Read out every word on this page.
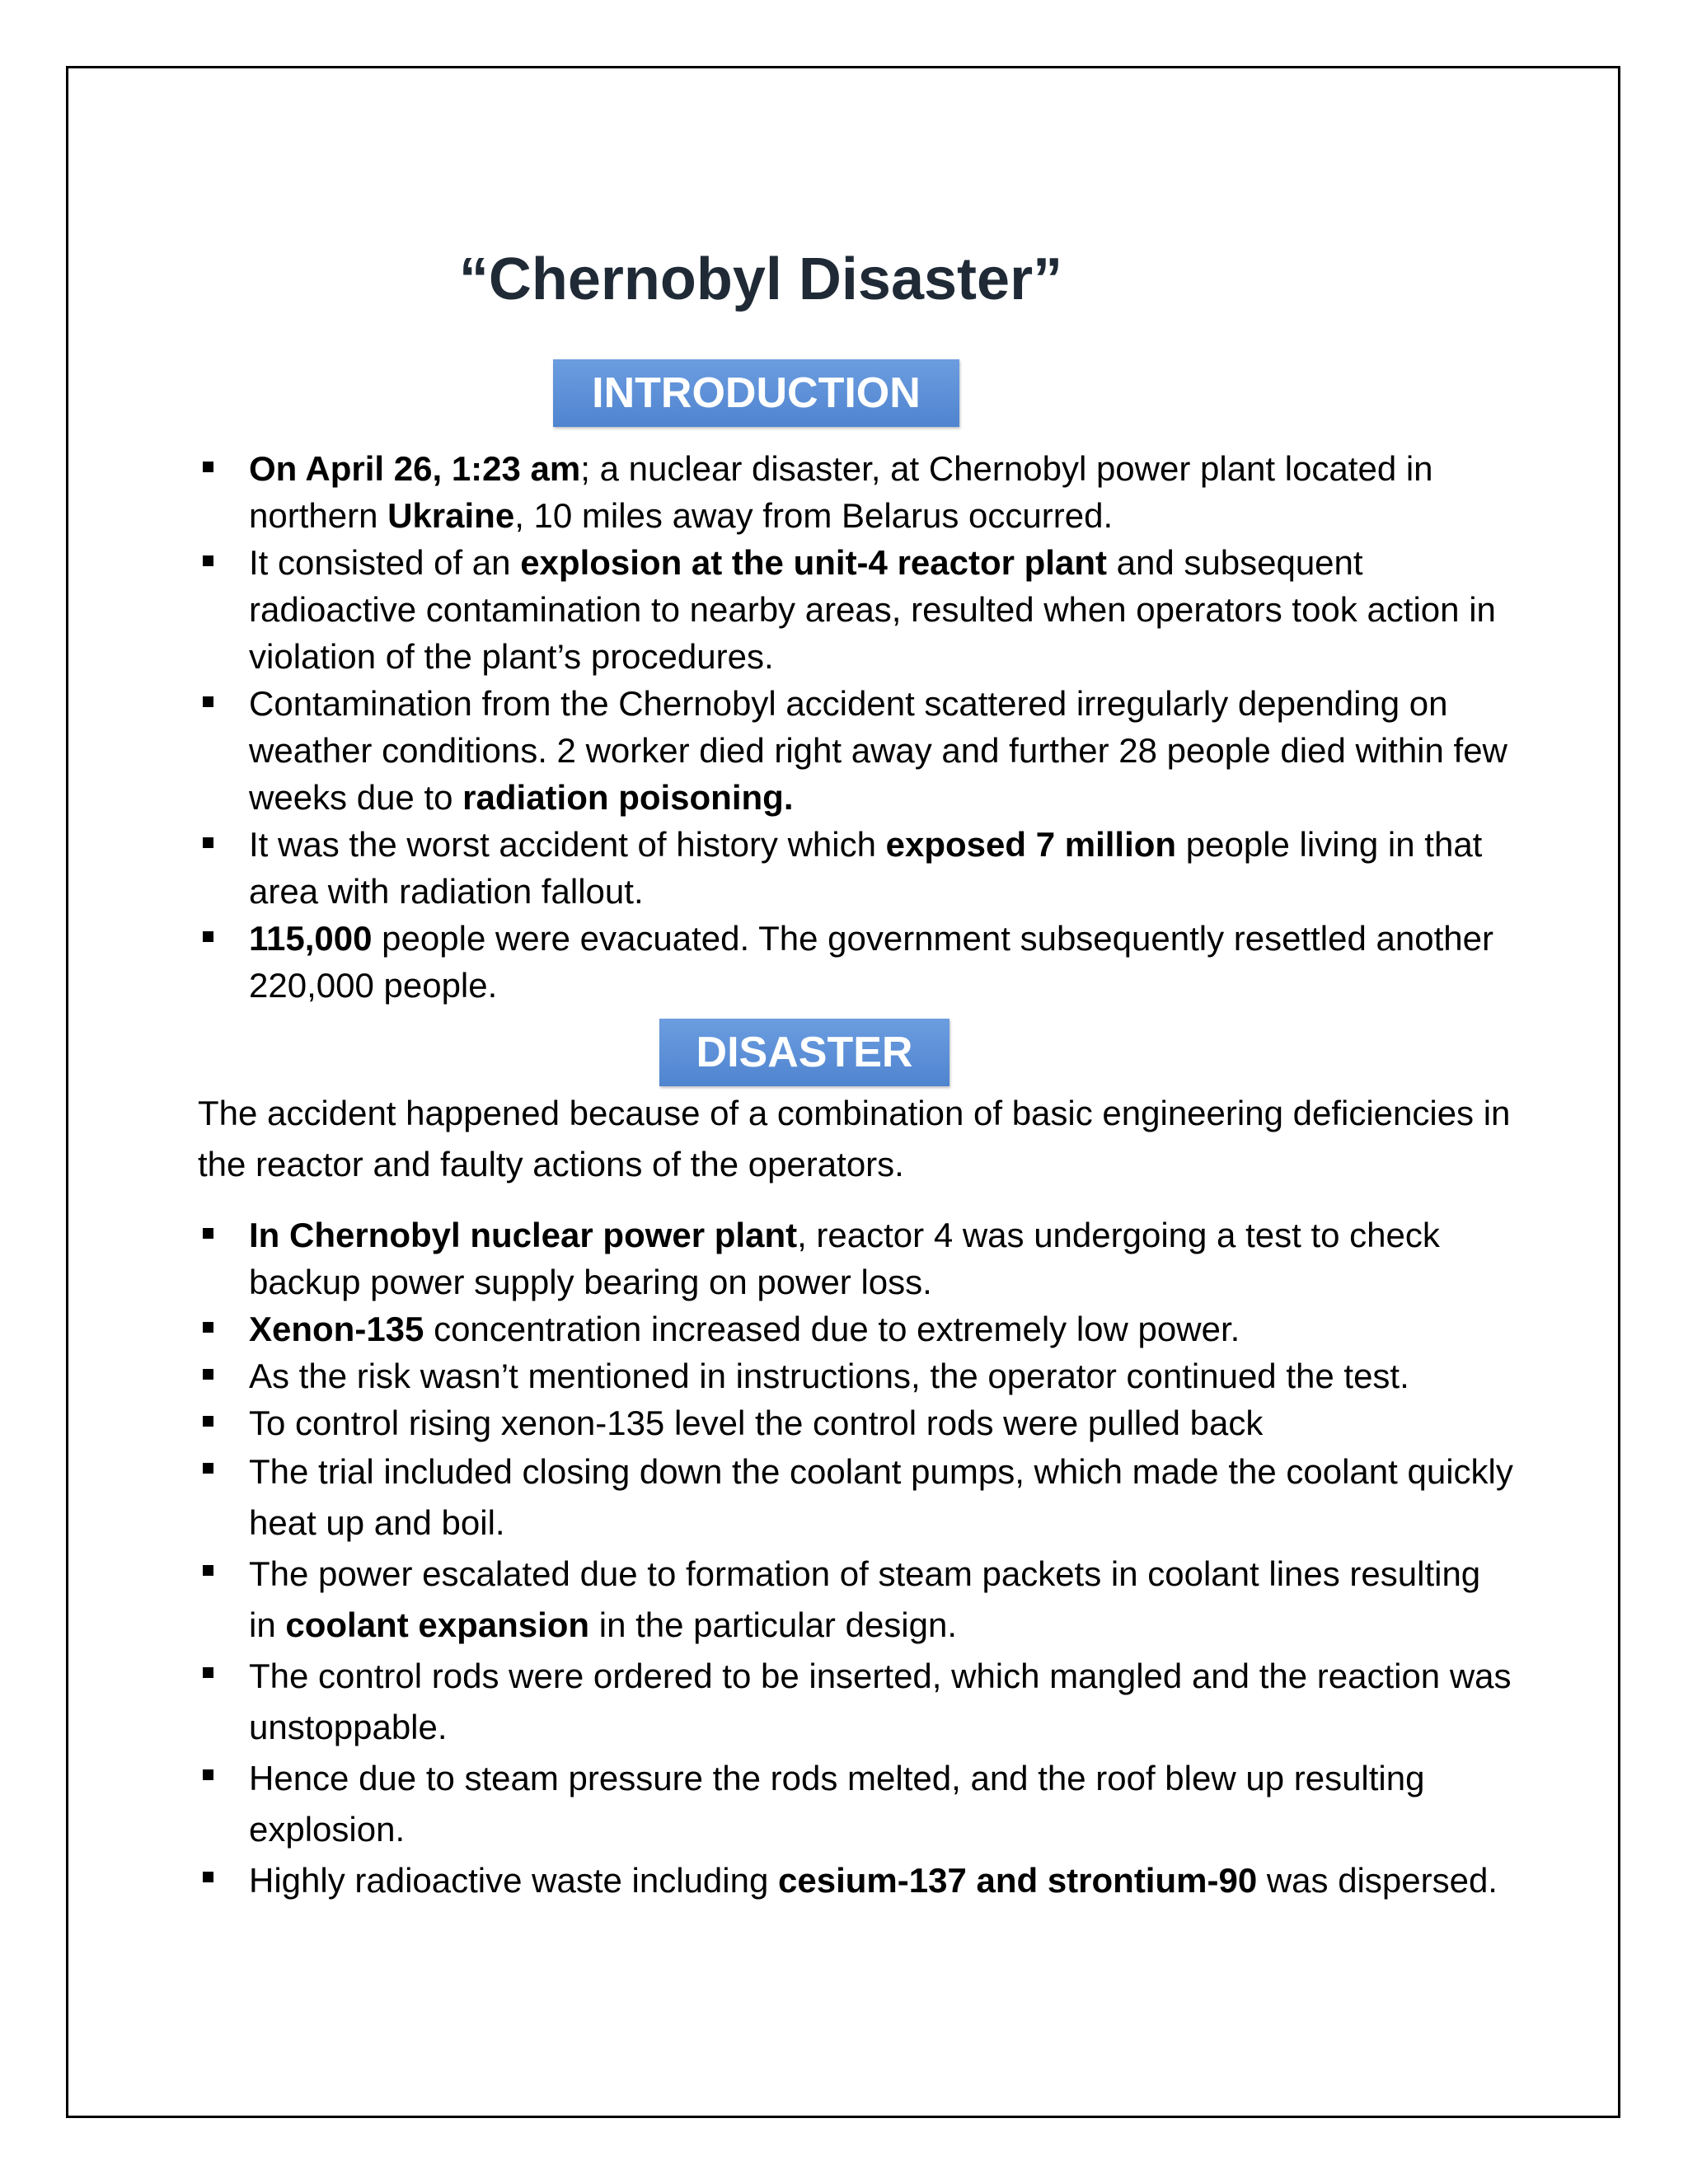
“Chernobyl Disaster”
INTRODUCTION
On April 26, 1:23 am; a nuclear disaster, at Chernobyl power plant located in northern Ukraine, 10 miles away from Belarus occurred.
It consisted of an explosion at the unit-4 reactor plant and subsequent radioactive contamination to nearby areas, resulted when operators took action in violation of the plant’s procedures.
Contamination from the Chernobyl accident scattered irregularly depending on weather conditions. 2 worker died right away and further 28 people died within few weeks due to radiation poisoning.
It was the worst accident of history which exposed 7 million people living in that area with radiation fallout.
115,000 people were evacuated. The government subsequently resettled another 220,000 people.
DISASTER

The accident happened because of a combination of basic engineering deficiencies in the reactor and faulty actions of the operators.

In Chernobyl nuclear power plant, reactor 4 was undergoing a test to check backup power supply bearing on power loss.
Xenon-135 concentration increased due to extremely low power.
As the risk wasn’t mentioned in instructions, the operator continued the test.
To control rising xenon-135 level the control rods were pulled back
The trial included closing down the coolant pumps, which made the coolant quickly heat up and boil.
The power escalated due to formation of steam packets in coolant lines resulting in coolant expansion in the particular design.
The control rods were ordered to be inserted, which mangled and the reaction was unstoppable.
Hence due to steam pressure the rods melted, and the roof blew up resulting explosion.
Highly radioactive waste including cesium-137 and strontium-90 was dispersed.
